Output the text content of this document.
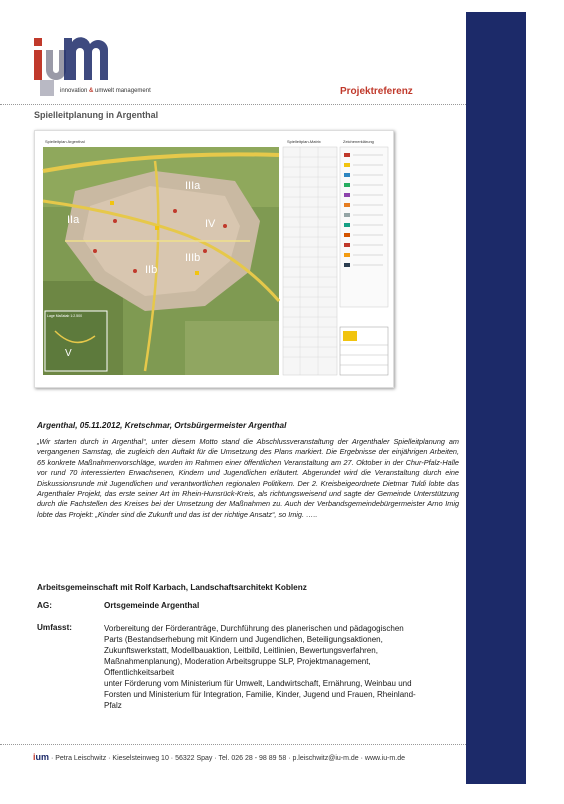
innovation & umwelt management	Projektreferenz
Spielleitplanung in Argenthal
Spielleitplan Argenthal	Spielleitplan-Matrix	Zeichenerklärung
IIIa
IV
IIIb
IIa
IIb
Lage Maßstab 1:2.500
V
Argenthal, 05.11.2012, Kretschmar, Ortsbürgermeister Argenthal
„Wir starten durch in Argenthal“, unter diesem Motto stand die Abschlussveranstaltung der Argenthaler Spielleitplanung am vergangenen Samstag, die zugleich den Auftakt für die Umsetzung des Plans markiert. Die Ergebnisse der einjährigen Arbeiten, 65 konkrete Maßnahmenvorschläge, wurden im Rahmen einer öffentlichen Veranstaltung am 27. Oktober in der Chur-Pfalz-Halle vor rund 70 interessierten Erwachsenen, Kindern und Jugendlichen erläutert. Abgerundet wird die Veranstaltung durch eine Diskussionsrunde mit Jugendlichen und verantwortlichen regionalen Politikern. Der 2. Kreisbeigeordnete Dietmar Tuldi lobte das Argenthaler Projekt, das erste seiner Art im Rhein-Hunsrück-Kreis, als richtungsweisend und sagte der Gemeinde Unterstützung durch die Fachstellen des Kreises bei der Umsetzung der Maßnahmen zu. Auch der Verbandsgemeindebürgermeister Arno Imig lobte das Projekt: „Kinder sind die Zukunft und das ist der richtige Ansatz“, so Imig. …..
Arbeitsgemeinschaft mit Rolf Karbach, Landschaftsarchitekt Koblenz
AG:	Ortsgemeinde Argenthal
Umfasst:	Vorbereitung der Förderanträge, Durchführung des planerischen und pädagogischen Parts (Bestandserhebung mit Kindern und Jugendlichen, Beteiligungsaktionen, Zukunftswerkstatt, Modellbauaktion, Leitbild, Leitlinien, Bewertungsverfahren, Maßnahmenplanung), Moderation Arbeitsgruppe SLP, Projektmanagement, Öffentlichkeitsarbeit
unter Förderung vom Ministerium für Umwelt, Landwirtschaft, Ernährung, Weinbau und Forsten und Ministerium für Integration, Familie, Kinder, Jugend und Frauen, Rheinland-Pfalz
ium · Petra Leischwitz · Kieselsteinweg 10 · 56322 Spay · Tel. 026 28 - 98 89 58 · p.leischwitz@iu-m.de · www.iu-m.de
